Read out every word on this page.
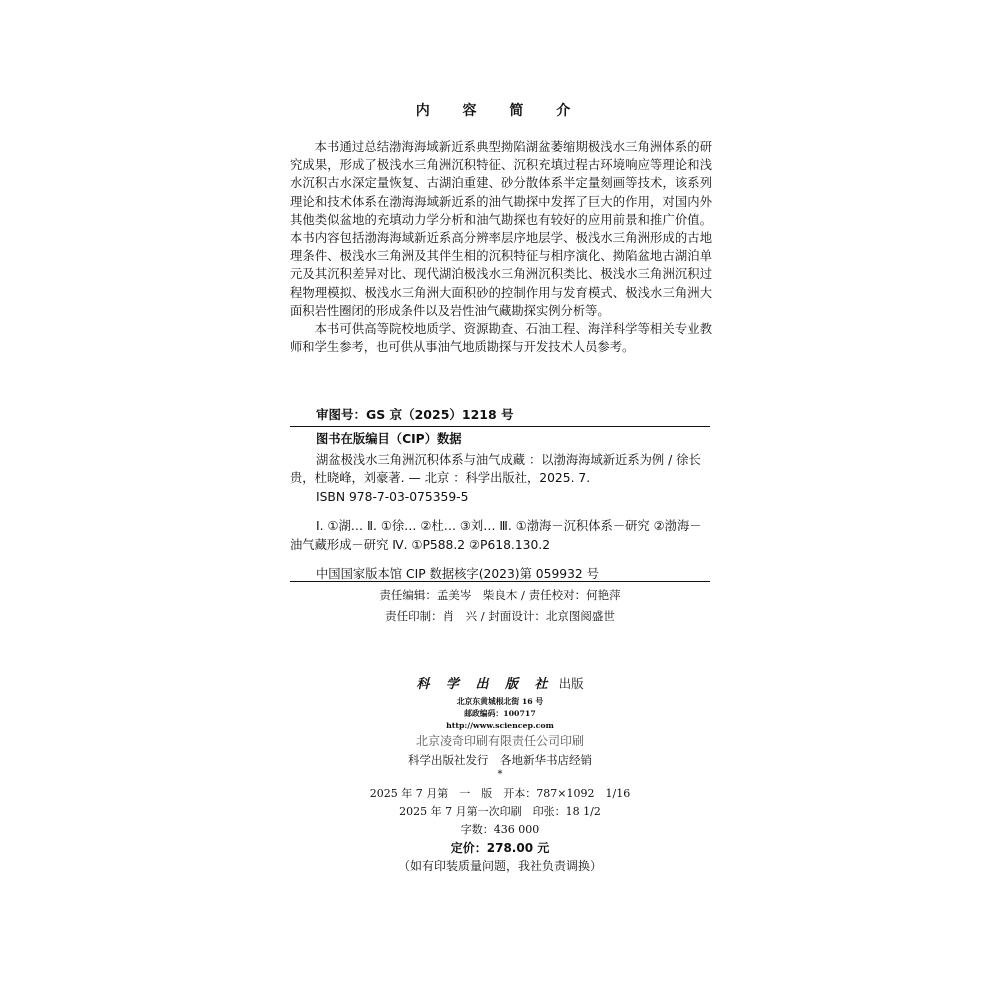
内 容 简 介

本书通过总结渤海海域新近系典型拗陷湖盆萎缩期极浅水三角洲体系的研究成果，形成了极浅水三角洲沉积特征、沉积充填过程古环境响应等理论和浅水沉积古水深定量恢复、古湖泊重建、砂分散体系半定量刻画等技术，该系列理论和技术体系在渤海海域新近系的油气勘探中发挥了巨大的作用，对国内外其他类似盆地的充填动力学分析和油气勘探也有较好的应用前景和推广价值。本书内容包括渤海海域新近系高分辨率层序地层学、极浅水三角洲形成的古地理条件、极浅水三角洲及其伴生相的沉积特征与相序演化、拗陷盆地古湖泊单元及其沉积差异对比、现代湖泊极浅水三角洲沉积类比、极浅水三角洲沉积过程物理模拟、极浅水三角洲大面积砂的控制作用与发育模式、极浅水三角洲大面积岩性圈闭的形成条件以及岩性油气藏勘探实例分析等。

本书可供高等院校地质学、资源勘查、石油工程、海洋科学等相关专业教师和学生参考，也可供从事油气地质勘探与开发技术人员参考。

审图号：GS 京（2025）1218 号
图书在版编目（CIP）数据

湖盆极浅水三角洲沉积体系与油气成藏 ：以渤海海域新近系为例 / 徐长贵，杜晓峰，刘豪著. — 北京 ：科学出版社，2025. 7.

ISBN 978-7-03-075359-5

Ⅰ. ①湖… Ⅱ. ①徐… ②杜… ③刘… Ⅲ. ①渤海－沉积体系－研究 ②渤海－油气藏形成－研究 Ⅳ. ①P588.2 ②P618.130.2

中国国家版本馆 CIP 数据核字(2023)第 059932 号
责任编辑：孟美岑　柴良木 / 责任校对：何艳萍
责任印制：肖　兴 / 封面设计：北京图阅盛世
科 学 出 版 社 出版
北京东黄城根北街 16 号
邮政编码：100717
http://www.sciencep.com
北京凌奇印刷有限责任公司印刷
科学出版社发行　各地新华书店经销
*
2025 年 7 月第　一　版　开本：787×1092　1/16
2025 年 7 月第一次印刷　印张：18 1/2
字数：436 000
定价：278.00 元
（如有印装质量问题，我社负责调换）
